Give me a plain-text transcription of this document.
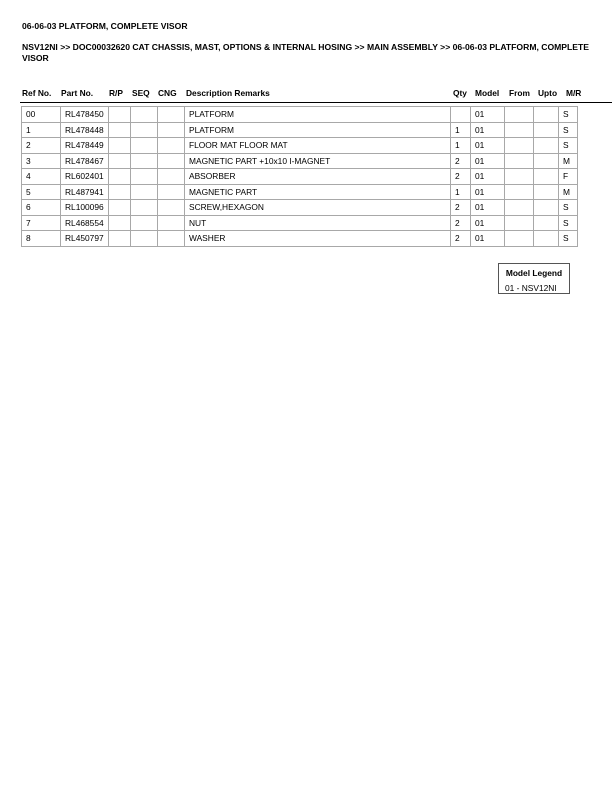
06-06-03 PLATFORM, COMPLETE VISOR

NSV12NI >> DOC00032620 CAT CHASSIS, MAST, OPTIONS & INTERNAL HOSING >> MAIN ASSEMBLY >> 06-06-03 PLATFORM, COMPLETE VISOR

Ref No. Part No. R/P SEQ CNG Description Remarks	Qty Model From Upto M/R
00	RL478450				PLATFORM		01			S
1	RL478448				PLATFORM	1	01			S
2	RL478449				FLOOR MAT FLOOR MAT	1	01			S
3	RL478467				MAGNETIC PART +10x10 I-MAGNET	2	01			M
4	RL602401				ABSORBER	2	01			F
5	RL487941				MAGNETIC PART	1	01			M
6	RL100096				SCREW,HEXAGON	2	01			S
7	RL468554				NUT	2	01			S
8	RL450797				WASHER	2	01			S
Model Legend
01 - NSV12NI
